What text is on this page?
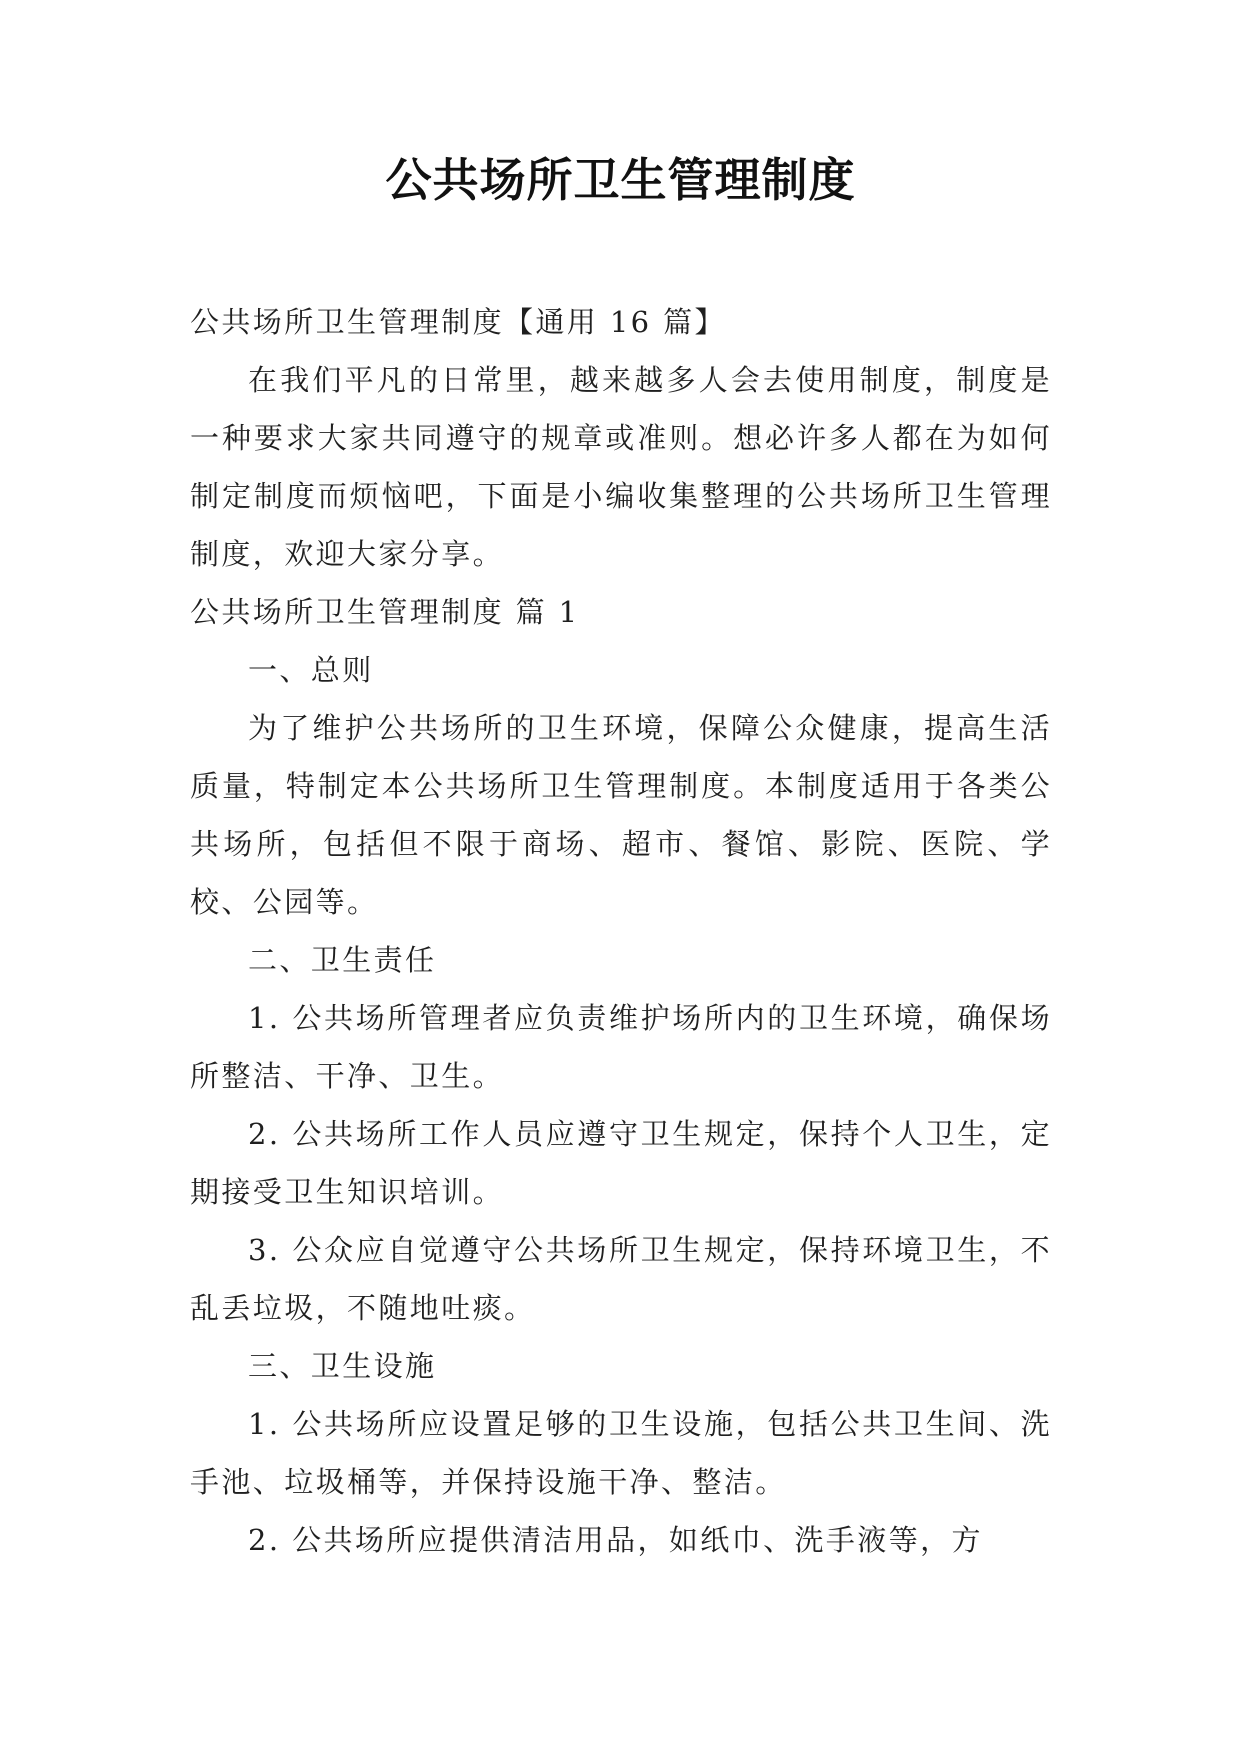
公共场所卫生管理制度

公共场所卫生管理制度【通用 16 篇】

在我们平凡的日常里，越来越多人会去使用制度，制度是一种要求大家共同遵守的规章或准则。想必许多人都在为如何制定制度而烦恼吧，下面是小编收集整理的公共场所卫生管理制度，欢迎大家分享。

公共场所卫生管理制度 篇 1

一、总则

为了维护公共场所的卫生环境，保障公众健康，提高生活质量，特制定本公共场所卫生管理制度。本制度适用于各类公共场所，包括但不限于商场、超市、餐馆、影院、医院、学校、公园等。

二、卫生责任

1. 公共场所管理者应负责维护场所内的卫生环境，确保场所整洁、干净、卫生。

2. 公共场所工作人员应遵守卫生规定，保持个人卫生，定期接受卫生知识培训。

3. 公众应自觉遵守公共场所卫生规定，保持环境卫生，不乱丢垃圾，不随地吐痰。

三、卫生设施

1. 公共场所应设置足够的卫生设施，包括公共卫生间、洗手池、垃圾桶等，并保持设施干净、整洁。

2. 公共场所应提供清洁用品，如纸巾、洗手液等，方
